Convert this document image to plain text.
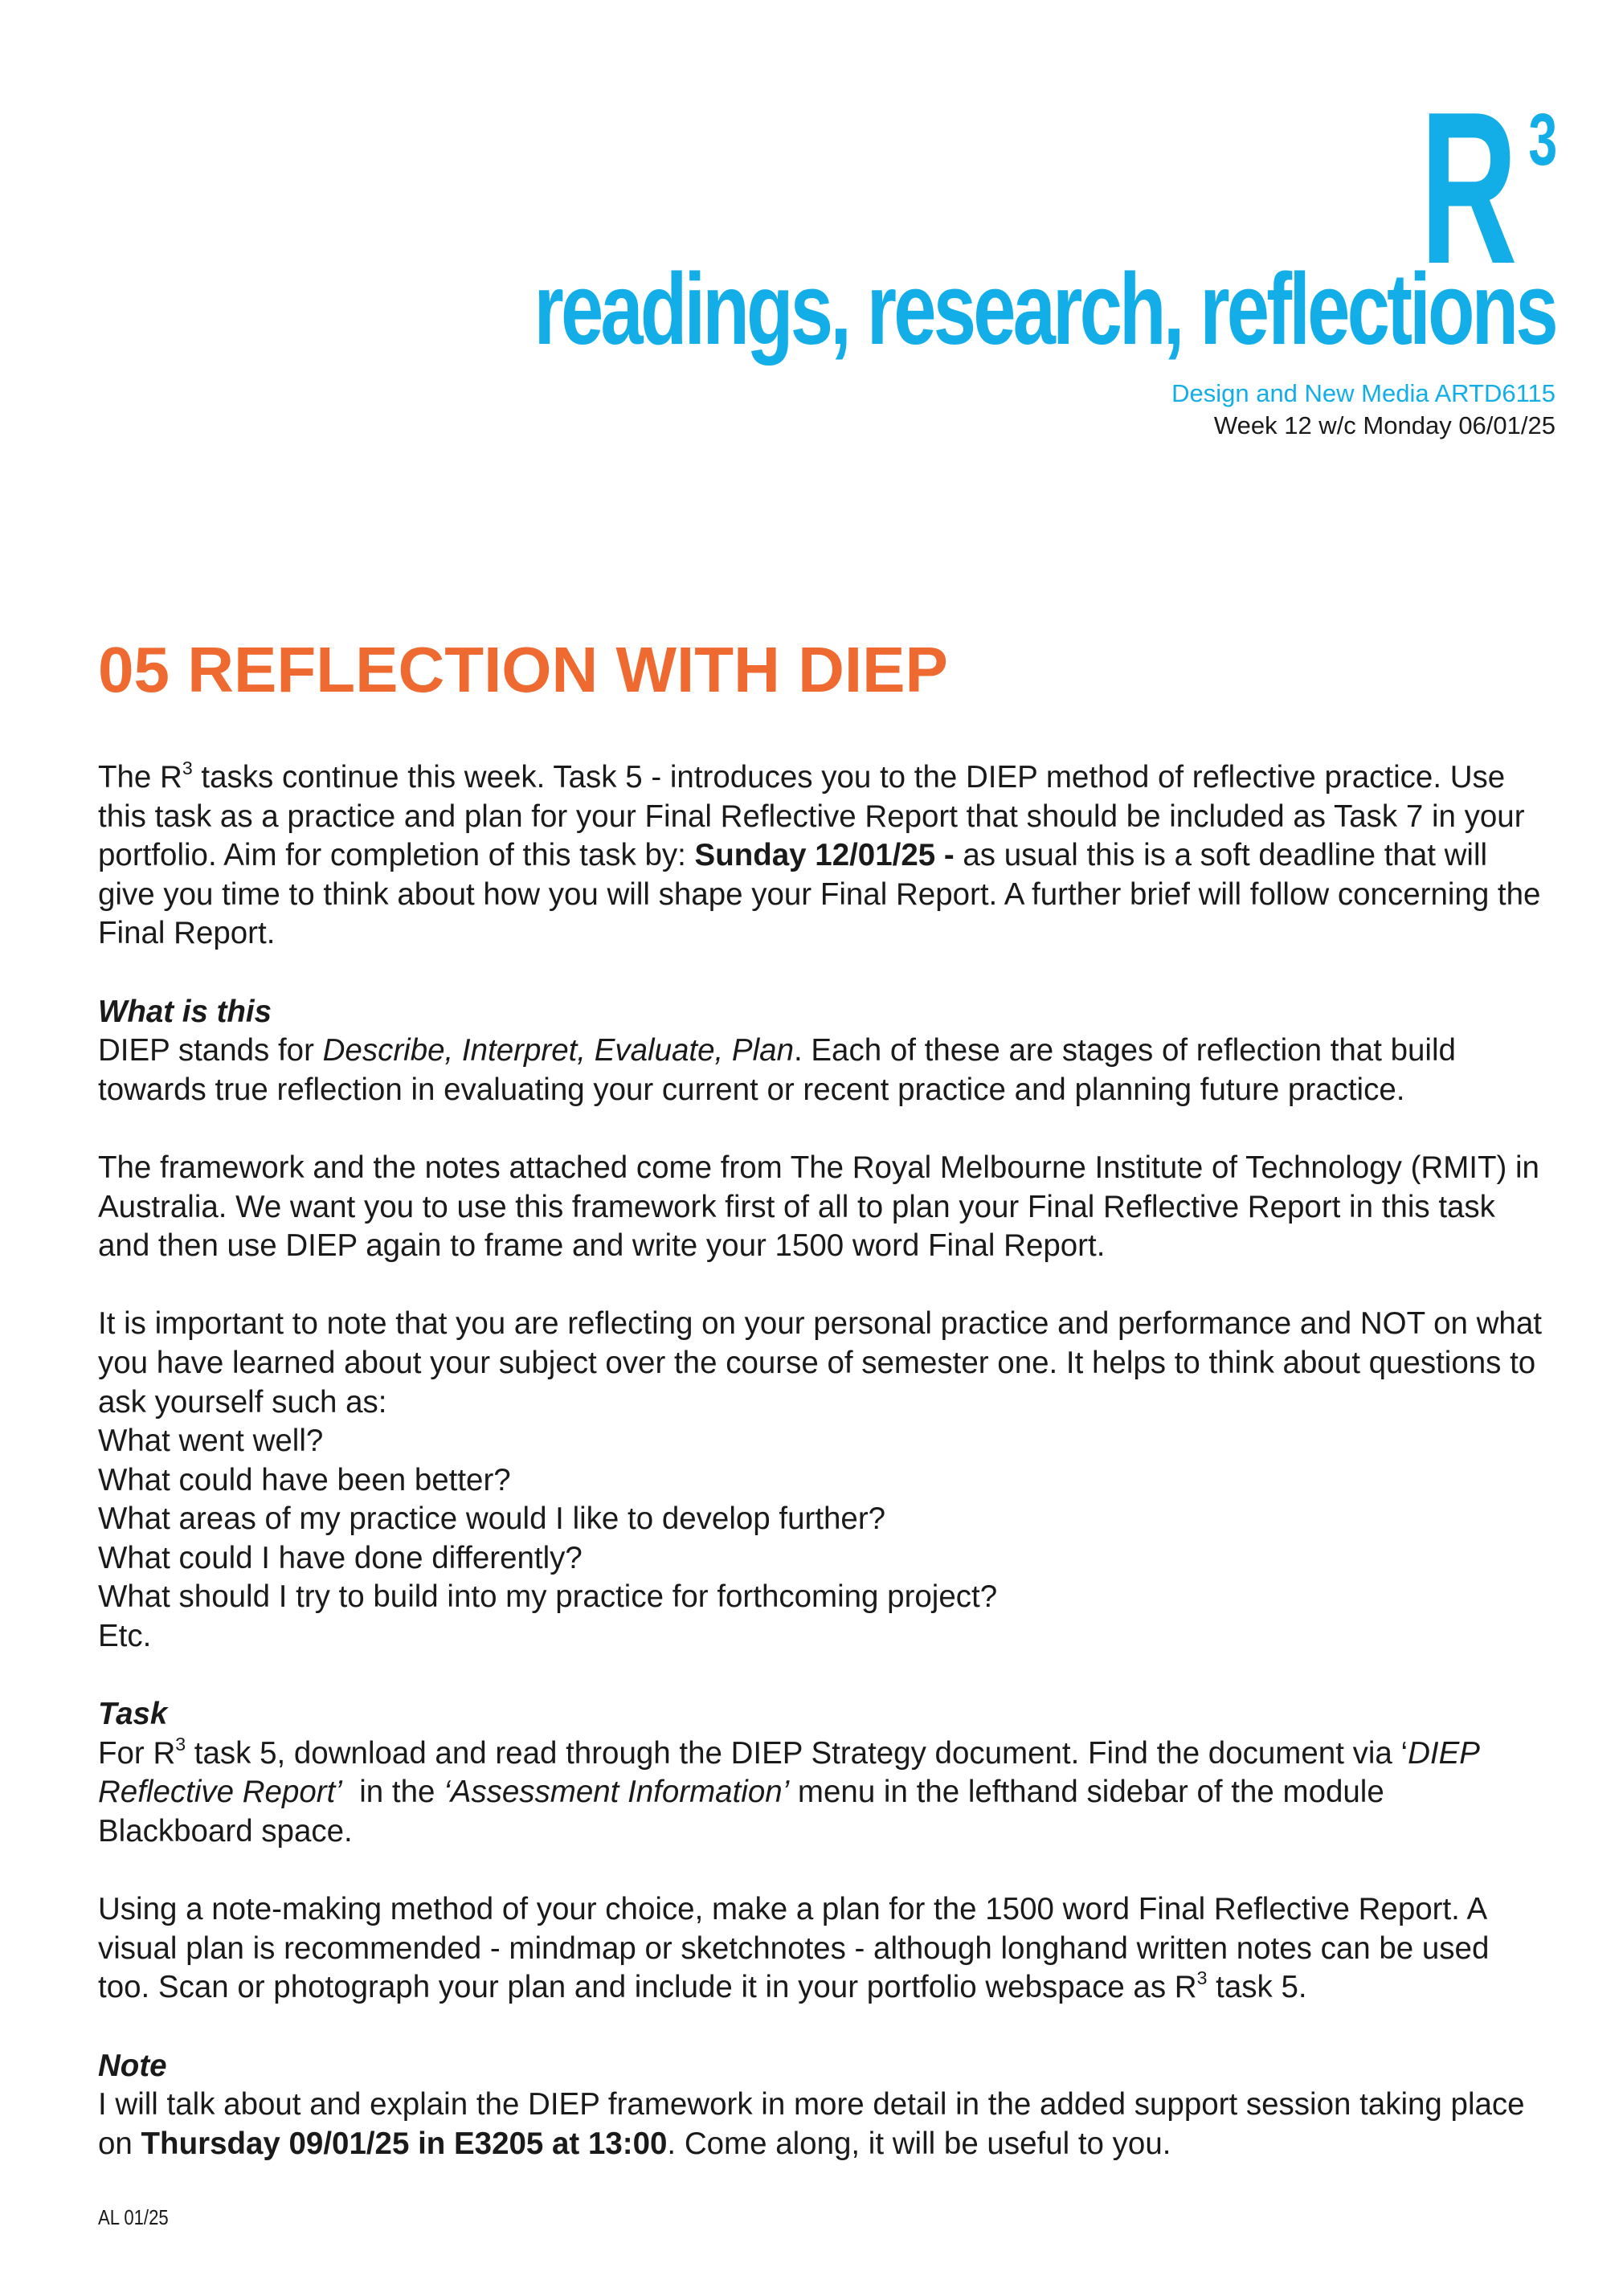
R 3
readings, research, reflections
Design and New Media ARTD6115
Week 12 w/c Monday 06/01/25
05 REFLECTION WITH DIEP

The $R^3$ tasks continue this week. Task 5 - introduces you to the DIEP method of reflective practice. Use this task as a practice and plan for your Final Reflective Report that should be included as Task 7 in your portfolio. Aim for completion of this task by: Sunday 12/01/25 - as usual this is a soft deadline that will give you time to think about how you will shape your Final Report. A further brief will follow concerning the Final Report.

What is this
DIEP stands for Describe, Interpret, Evaluate, Plan. Each of these are stages of reflection that build towards true reflection in evaluating your current or recent practice and planning future practice.

The framework and the notes attached come from The Royal Melbourne Institute of Technology (RMIT) in Australia. We want you to use this framework first of all to plan your Final Reflective Report in this task and then use DIEP again to frame and write your 1500 word Final Report.

It is important to note that you are reflecting on your personal practice and performance and NOT on what you have learned about your subject over the course of semester one. It helps to think about questions to ask yourself such as:
What went well?
What could have been better?
What areas of my practice would I like to develop further?
What could I have done differently?
What should I try to build into my practice for forthcoming project?
Etc.

Task
For $R^3$ task 5, download and read through the DIEP Strategy document. Find the document via ‘DIEP Reflective Report’  in the ‘Assessment Information’ menu in the lefthand sidebar of the module Blackboard space.

Using a note-making method of your choice, make a plan for the 1500 word Final Reflective Report. A visual plan is recommended - mindmap or sketchnotes - although longhand written notes can be used too. Scan or photograph your plan and include it in your portfolio webspace as $R^3$ task 5.

Note
I will talk about and explain the DIEP framework in more detail in the added support session taking place on Thursday 09/01/25 in E3205 at 13:00. Come along, it will be useful to you.

AL 01/25
